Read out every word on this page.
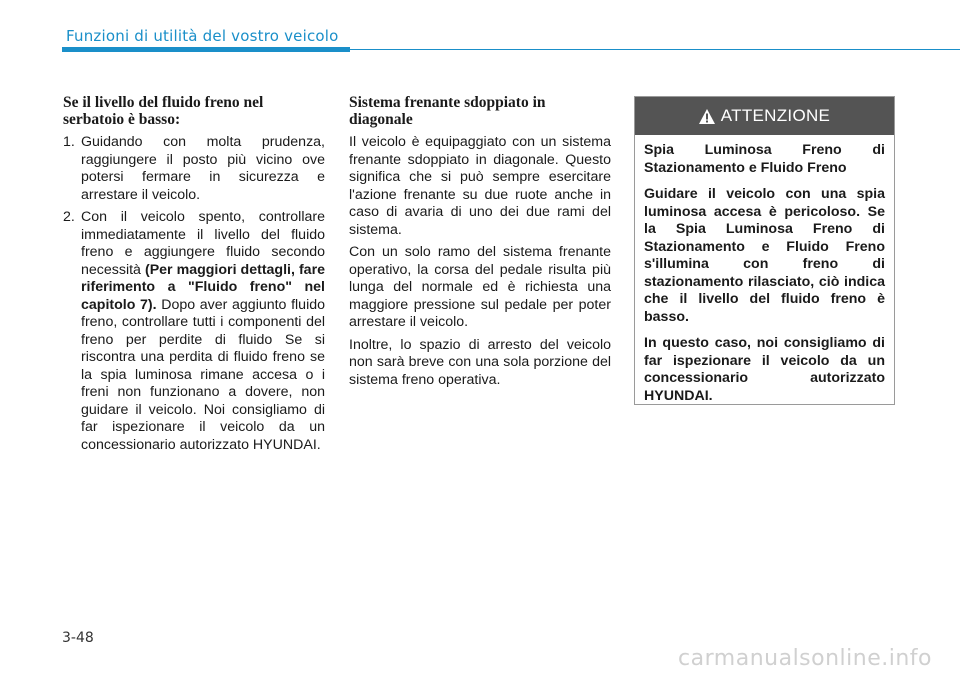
Funzioni di utilità del vostro veicolo
Se il livello del fluido freno nel serbatoio è basso:
1. Guidando con molta prudenza, raggiungere il posto più vicino ove potersi fermare in sicurezza e arrestare il veicolo.
2. Con il veicolo spento, controllare immediatamente il livello del fluido freno e aggiungere fluido secondo necessità (Per maggiori dettagli, fare riferimento a "Fluido freno" nel capitolo 7). Dopo aver aggiunto fluido freno, controllare tutti i componenti del freno per perdite di fluido Se si riscontra una perdita di fluido freno se la spia luminosa rimane accesa o i freni non funzionano a dovere, non guidare il veicolo. Noi consigliamo di far ispezionare il veicolo da un concessionario autorizzato HYUNDAI.
Sistema frenante sdoppiato in diagonale

Il veicolo è equipaggiato con un sistema frenante sdoppiato in diagonale. Questo significa che si può sempre esercitare l'azione frenante su due ruote anche in caso di avaria di uno dei due rami del sistema.

Con un solo ramo del sistema frenante operativo, la corsa del pedale risulta più lunga del normale ed è richiesta una maggiore pressione sul pedale per poter arrestare il veicolo.

Inoltre, lo spazio di arresto del veicolo non sarà breve con una sola porzione del sistema freno operativa.

ATTENZIONE

Spia Luminosa Freno di Stazionamento e Fluido Freno

Guidare il veicolo con una spia luminosa accesa è pericoloso. Se la Spia Luminosa Freno di Stazionamento e Fluido Freno s'illumina con freno di stazionamento rilasciato, ciò indica che il livello del fluido freno è basso.

In questo caso, noi consigliamo di far ispezionare il veicolo da un concessionario autorizzato HYUNDAI.

3-48
carmanualsonline.info
